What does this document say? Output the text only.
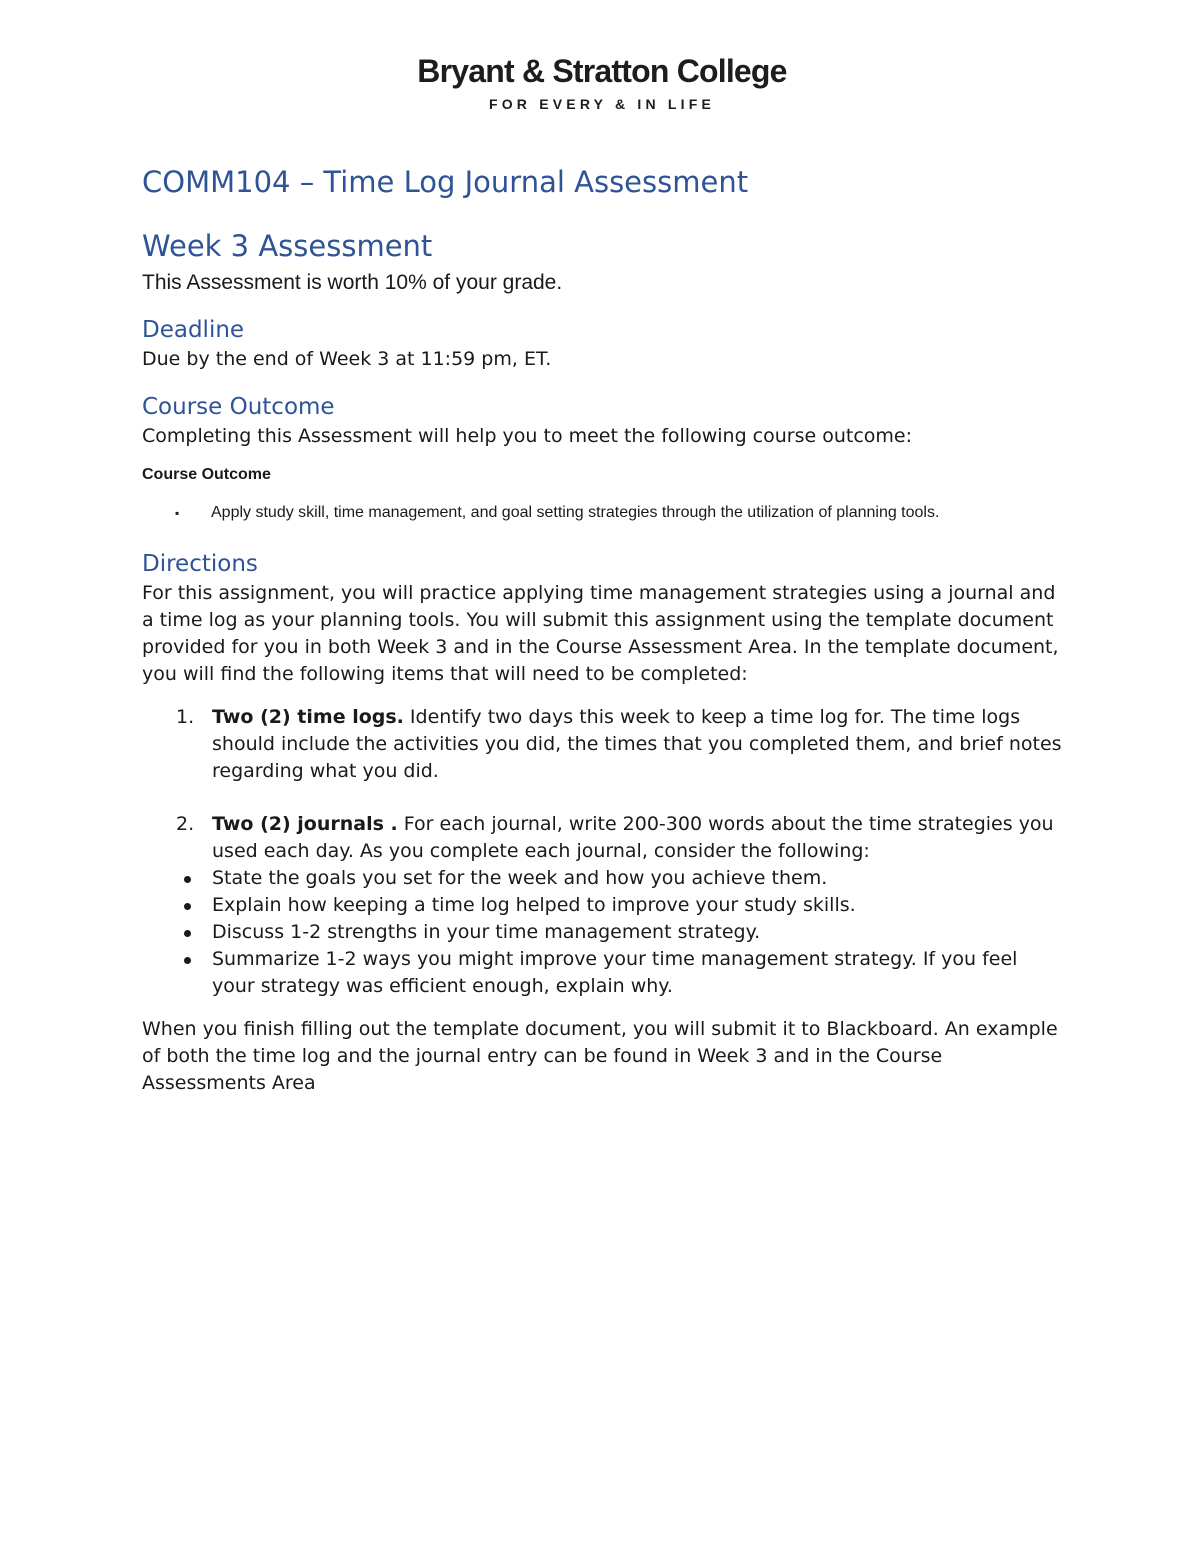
Bryant & Stratton College
FOR EVERY & IN LIFE
COMM104 – Time Log Journal Assessment
Week 3 Assessment

This Assessment is worth 10% of your grade.

Deadline

Due by the end of Week 3 at 11:59 pm, ET.

Course Outcome

Completing this Assessment will help you to meet the following course outcome:

Course Outcome

▪ Apply study skill, time management, and goal setting strategies through the utilization of planning tools.
Directions

For this assignment, you will practice applying time management strategies using a journal and a time log as your planning tools. You will submit this assignment using the template document provided for you in both Week 3 and in the Course Assessment Area. In the template document, you will find the following items that will need to be completed:

1. Two (2) time logs. Identify two days this week to keep a time log for. The time logs should include the activities you did, the times that you completed them, and brief notes regarding what you did.
2. Two (2) journals . For each journal, write 200-300 words about the time strategies you used each day. As you complete each journal, consider the following:
State the goals you set for the week and how you achieve them.
Explain how keeping a time log helped to improve your study skills.
Discuss 1-2 strengths in your time management strategy.
Summarize 1-2 ways you might improve your time management strategy. If you feel your strategy was efficient enough, explain why.

When you finish filling out the template document, you will submit it to Blackboard. An example of both the time log and the journal entry can be found in Week 3 and in the Course Assessments Area
